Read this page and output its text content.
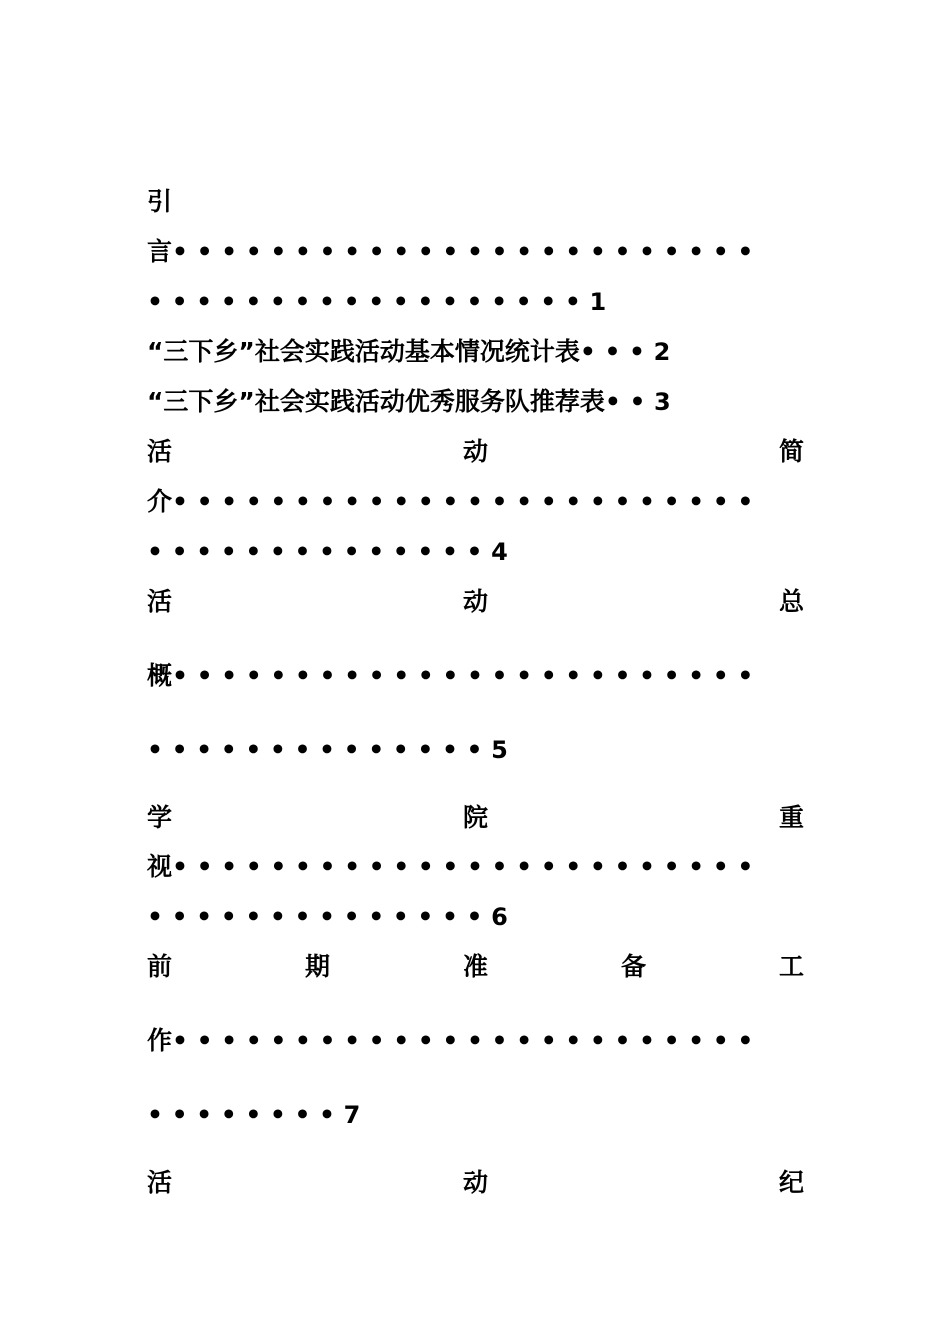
引
言••••••••••••••••••••••••
••••••••••••••••••1
“三下乡”社会实践活动基本情况统计表•••2
“三下乡”社会实践活动优秀服务队推荐表••3
活	动	简
介••••••••••••••••••••••••
••••••••••••••4
活	动	总
概••••••••••••••••••••••••
••••••••••••••5
学	院	重
视••••••••••••••••••••••••
••••••••••••••6
前	期	准	备	工
作••••••••••••••••••••••••
••••••••7
活	动	纪
